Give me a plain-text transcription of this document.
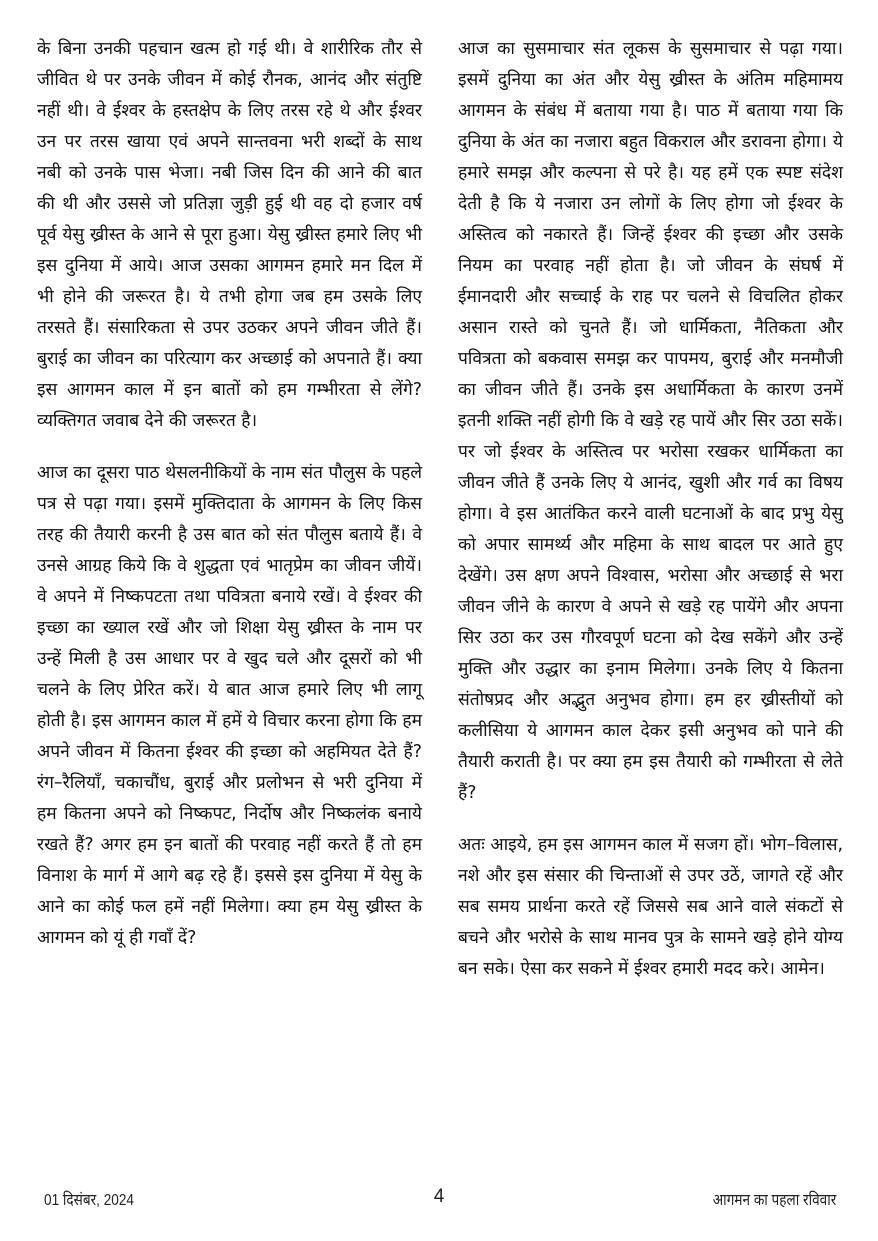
के बिना उनकी पहचान खत्म हो गई थी। वे शारीरिक तौर से जीवित थे पर उनके जीवन में कोई रौनक, आनंद और संतुष्टि नहीं थी। वे ईश्वर के हस्तक्षेप के लिए तरस रहे थे और ईश्वर उन पर तरस खाया एवं अपने सान्तवना भरी शब्दों के साथ नबी को उनके पास भेजा। नबी जिस दिन की आने की बात की थी और उससे जो प्रतिज्ञा जुड़ी हुई थी वह दो हजार वर्ष पूर्व येसु ख्रीस्त के आने से पूरा हुआ। येसु ख्रीस्त हमारे लिए भी इस दुनिया में आये। आज उसका आगमन हमारे मन दिल में भी होने की जरूरत है। ये तभी होगा जब हम उसके लिए तरसते हैं। संसारिकता से उपर उठकर अपने जीवन जीते हैं। बुराई का जीवन का परित्याग कर अच्छाई को अपनाते हैं। क्या इस आगमन काल में इन बातों को हम गम्भीरता से लेंगे? व्यक्तिगत जवाब देने की जरूरत है।

आज का दूसरा पाठ थेसलनीकियों के नाम संत पौलुस के पहले पत्र से पढ़ा गया। इसमें मुक्तिदाता के आगमन के लिए किस तरह की तैयारी करनी है उस बात को संत पौलुस बताये हैं। वे उनसे आग्रह किये कि वे शुद्धता एवं भातृप्रेम का जीवन जीयें। वे अपने में निष्कपटता तथा पवित्रता बनाये रखें। वे ईश्वर की इच्छा का ख्याल रखें और जो शिक्षा येसु ख्रीस्त के नाम पर उन्हें मिली है उस आधार पर वे खुद चले और दूसरों को भी चलने के लिए प्रेरित करें। ये बात आज हमारे लिए भी लागू होती है। इस आगमन काल में हमें ये विचार करना होगा कि हम अपने जीवन में कितना ईश्वर की इच्छा को अहमियत देते हैं? रंग–रैलियाँ, चकाचौंध, बुराई और प्रलोभन से भरी दुनिया में हम कितना अपने को निष्कपट, निर्दोष और निष्कलंक बनाये रखते हैं? अगर हम इन बातों की परवाह नहीं करते हैं तो हम विनाश के मार्ग में आगे बढ़ रहे हैं। इससे इस दुनिया में येसु के आने का कोई फल हमें नहीं मिलेगा। क्या हम येसु ख्रीस्त के आगमन को यूं ही गवाँ दें?

आज का सुसमाचार संत लूकस के सुसमाचार से पढ़ा गया। इसमें दुनिया का अंत और येसु ख्रीस्त के अंतिम महिमामय आगमन के संबंध में बताया गया है। पाठ में बताया गया कि दुनिया के अंत का नजारा बहुत विकराल और डरावना होगा। ये हमारे समझ और कल्पना से परे है। यह हमें एक स्पष्ट संदेश देती है कि ये नजारा उन लोगों के लिए होगा जो ईश्वर के अस्तित्व को नकारते हैं। जिन्हें ईश्वर की इच्छा और उसके नियम का परवाह नहीं होता है। जो जीवन के संघर्ष में ईमानदारी और सच्चाई के राह पर चलने से विचलित होकर असान रास्ते को चुनते हैं। जो धार्मिकता, नैतिकता और पवित्रता को बकवास समझ कर पापमय, बुराई और मनमौजी का जीवन जीते हैं। उनके इस अधार्मिकता के कारण उनमें इतनी शक्ति नहीं होगी कि वे खड़े रह पायें और सिर उठा सकें। पर जो ईश्वर के अस्तित्व पर भरोसा रखकर धार्मिकता का जीवन जीते हैं उनके लिए ये आनंद, खुशी और गर्व का विषय होगा। वे इस आतंकित करने वाली घटनाओं के बाद प्रभु येसु को अपार सामर्थ्य और महिमा के साथ बादल पर आते हुए देखेंगे। उस क्षण अपने विश्वास, भरोसा और अच्छाई से भरा जीवन जीने के कारण वे अपने से खड़े रह पायेंगे और अपना सिर उठा कर उस गौरवपूर्ण घटना को देख सकेंगे और उन्हें मुक्ति और उद्धार का इनाम मिलेगा। उनके लिए ये कितना संतोषप्रद और अद्भुत अनुभव होगा। हम हर ख्रीस्तीयों को कलीसिया ये आगमन काल देकर इसी अनुभव को पाने की तैयारी कराती है। पर क्या हम इस तैयारी को गम्भीरता से लेते हैं?

अतः आइये, हम इस आगमन काल में सजग हों। भोग–विलास, नशे और इस संसार की चिन्ताओं से उपर उठें, जागते रहें और सब समय प्रार्थना करते रहें जिससे सब आने वाले संकटों से बचने और भरोसे के साथ मानव पुत्र के सामने खड़े होने योग्य बन सके। ऐसा कर सकने में ईश्वर हमारी मदद करे। आमेन।

01 दिसंबर, 2024	4	आगमन का पहला रविवार
